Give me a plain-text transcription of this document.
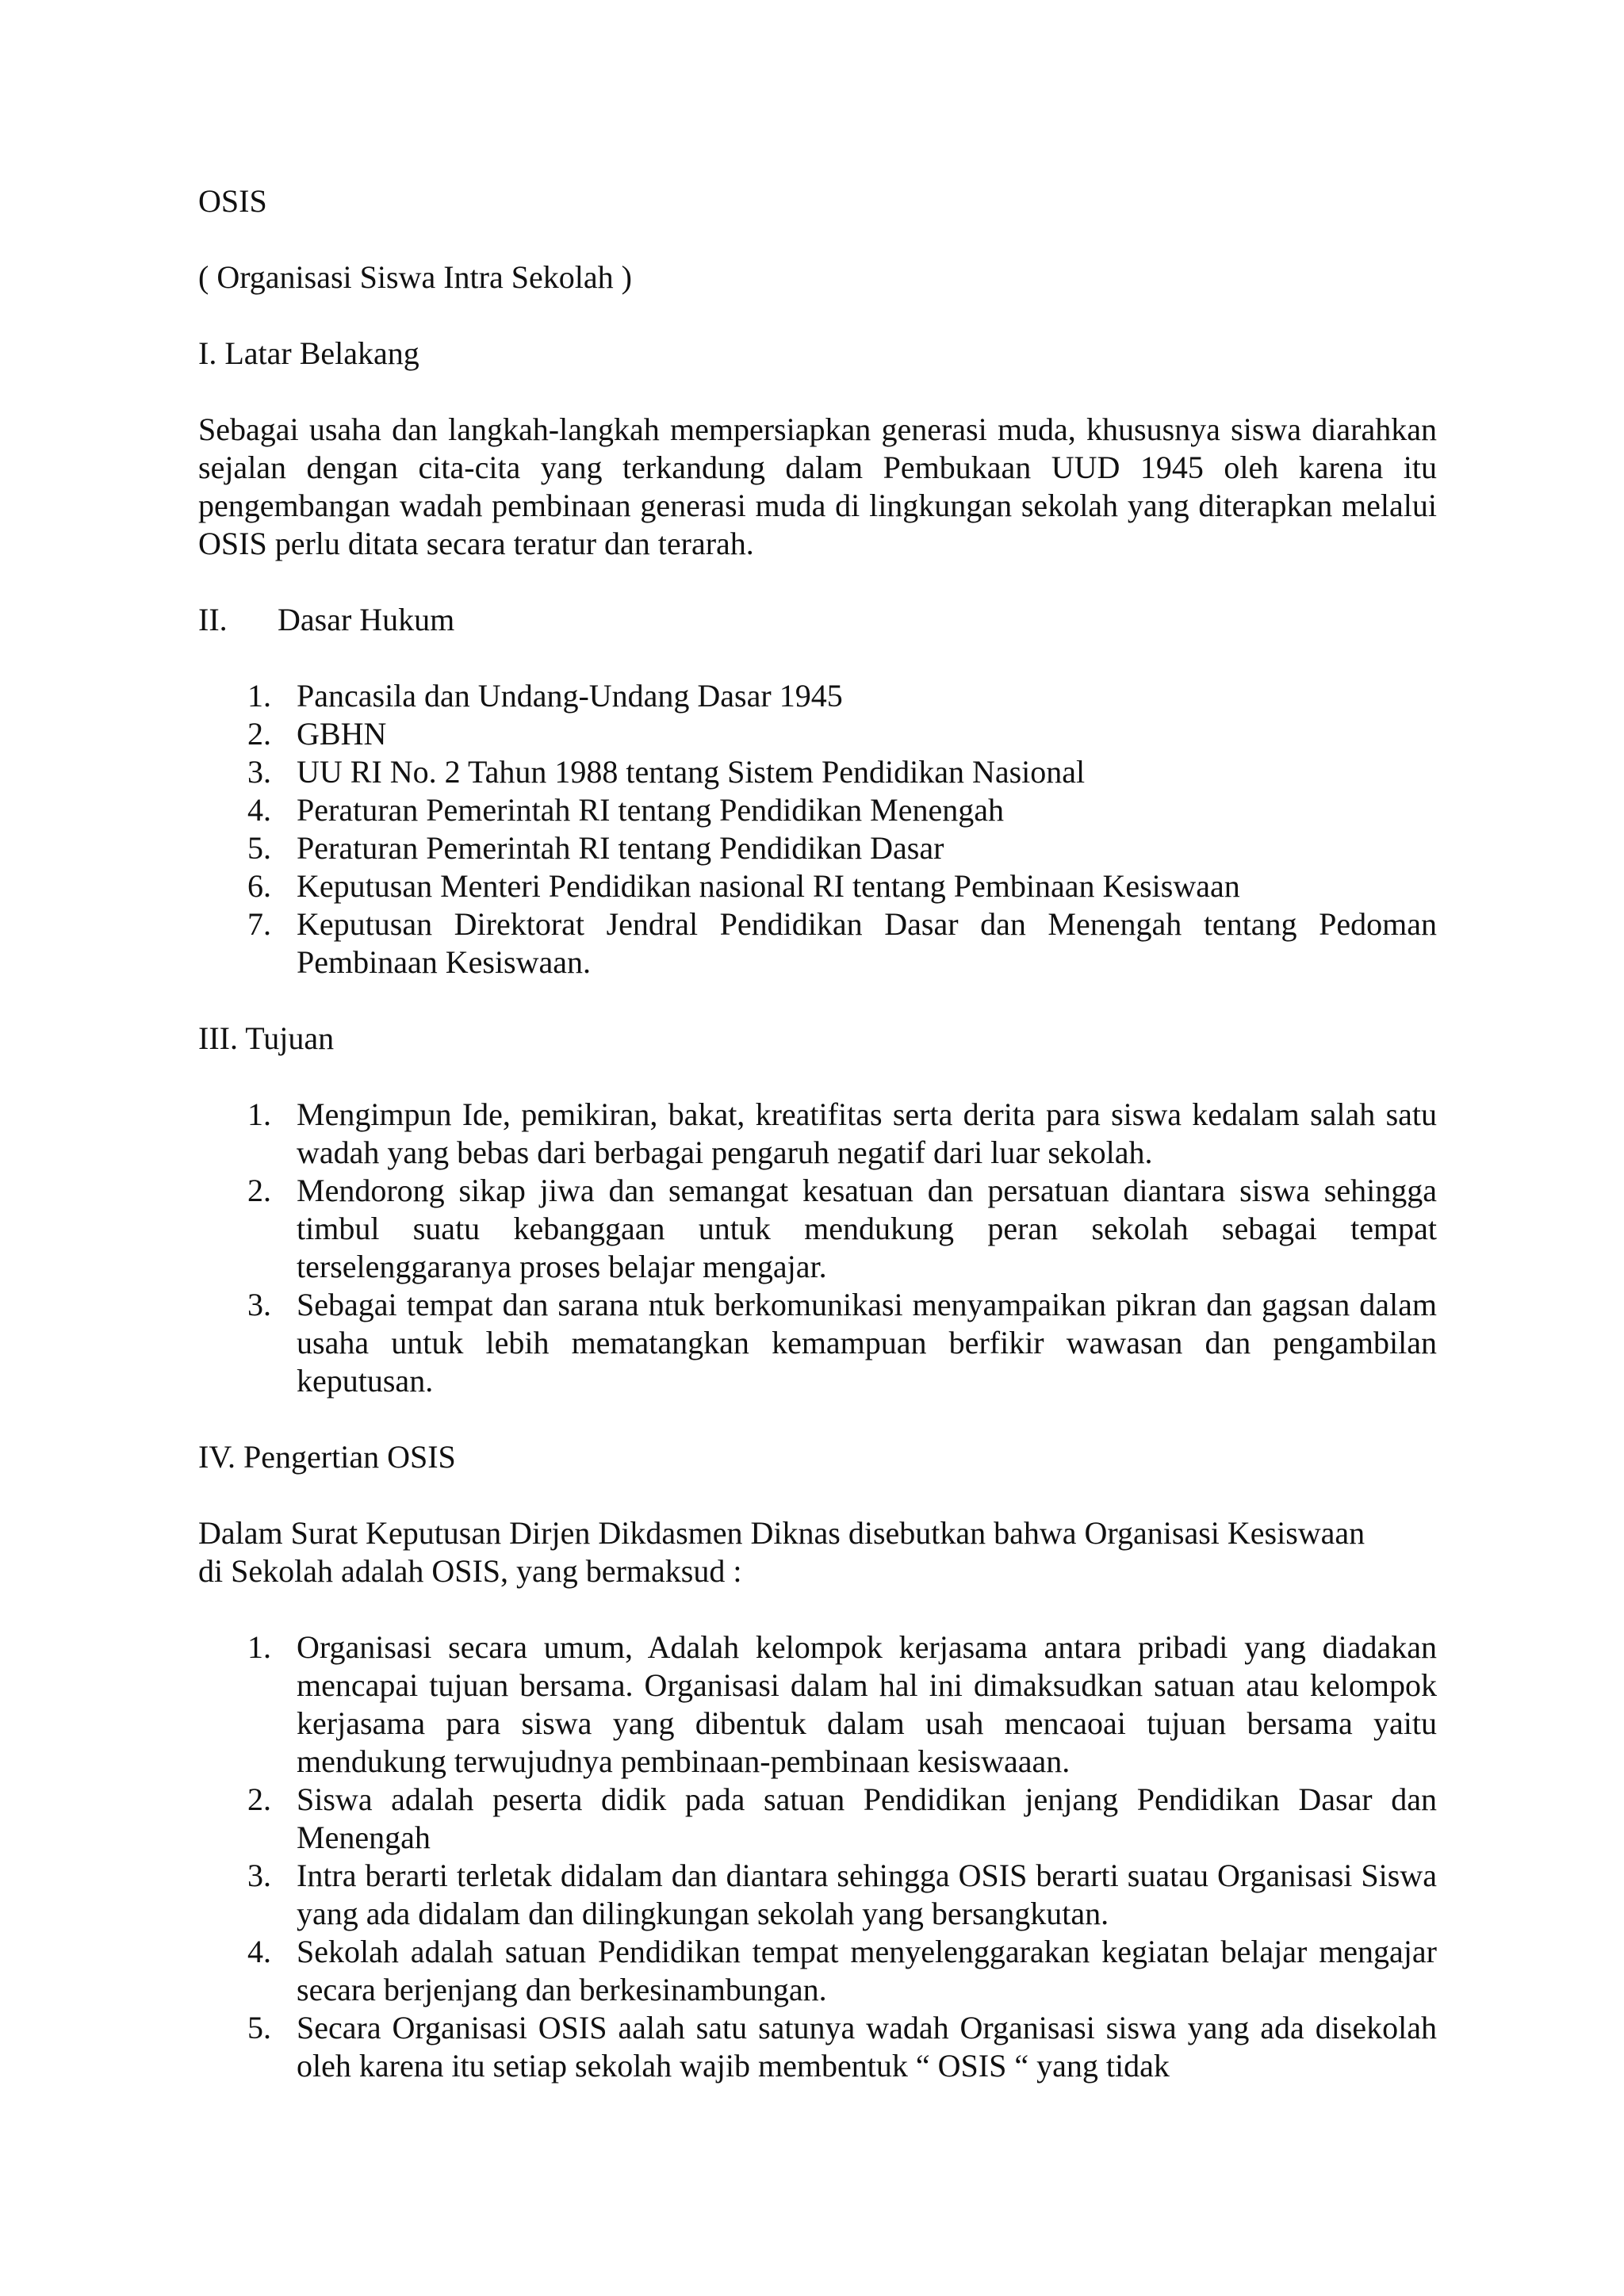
OSIS
( Organisasi Siswa Intra Sekolah )
I. Latar Belakang
Sebagai usaha dan langkah-langkah mempersiapkan generasi muda, khususnya siswa diarahkan sejalan dengan cita-cita yang terkandung dalam Pembukaan UUD 1945 oleh karena itu pengembangan wadah pembinaan generasi muda di lingkungan sekolah yang diterapkan melalui OSIS perlu ditata secara teratur dan terarah.
II. Dasar Hukum
1. Pancasila dan Undang-Undang Dasar 1945
2. GBHN
3. UU RI No. 2 Tahun 1988 tentang Sistem Pendidikan Nasional
4. Peraturan Pemerintah RI tentang Pendidikan Menengah
5. Peraturan Pemerintah RI tentang Pendidikan Dasar
6. Keputusan Menteri Pendidikan nasional RI tentang Pembinaan Kesiswaan
7. Keputusan Direktorat Jendral Pendidikan Dasar dan Menengah tentang Pedoman Pembinaan Kesiswaan.
III. Tujuan
1. Mengimpun Ide, pemikiran, bakat, kreatifitas serta derita para siswa kedalam salah satu wadah yang bebas dari berbagai pengaruh negatif dari luar sekolah.
2. Mendorong sikap jiwa dan semangat kesatuan dan persatuan diantara siswa sehingga timbul suatu kebanggaan untuk mendukung peran sekolah sebagai tempat terselenggaranya proses belajar mengajar.
3. Sebagai tempat dan sarana ntuk berkomunikasi menyampaikan pikran dan gagsan dalam usaha untuk lebih mematangkan kemampuan berfikir wawasan dan pengambilan keputusan.
IV. Pengertian OSIS
Dalam Surat Keputusan Dirjen Dikdasmen Diknas disebutkan bahwa Organisasi Kesiswaan
di Sekolah adalah OSIS, yang bermaksud :
1. Organisasi secara umum, Adalah kelompok kerjasama antara pribadi yang diadakan mencapai tujuan bersama. Organisasi dalam hal ini dimaksudkan satuan atau kelompok kerjasama para siswa yang dibentuk dalam usah mencaoai tujuan bersama yaitu mendukung terwujudnya pembinaan-pembinaan kesiswaaan.
2. Siswa adalah peserta didik pada satuan Pendidikan jenjang Pendidikan Dasar dan Menengah
3. Intra berarti terletak didalam dan diantara sehingga OSIS berarti suatau Organisasi Siswa yang ada didalam dan dilingkungan sekolah yang bersangkutan.
4. Sekolah adalah satuan Pendidikan tempat menyelenggarakan kegiatan belajar mengajar secara berjenjang dan berkesinambungan.
5. Secara Organisasi OSIS aalah satu satunya wadah Organisasi siswa yang ada disekolah oleh karena itu setiap sekolah wajib membentuk “ OSIS “ yang tidak
